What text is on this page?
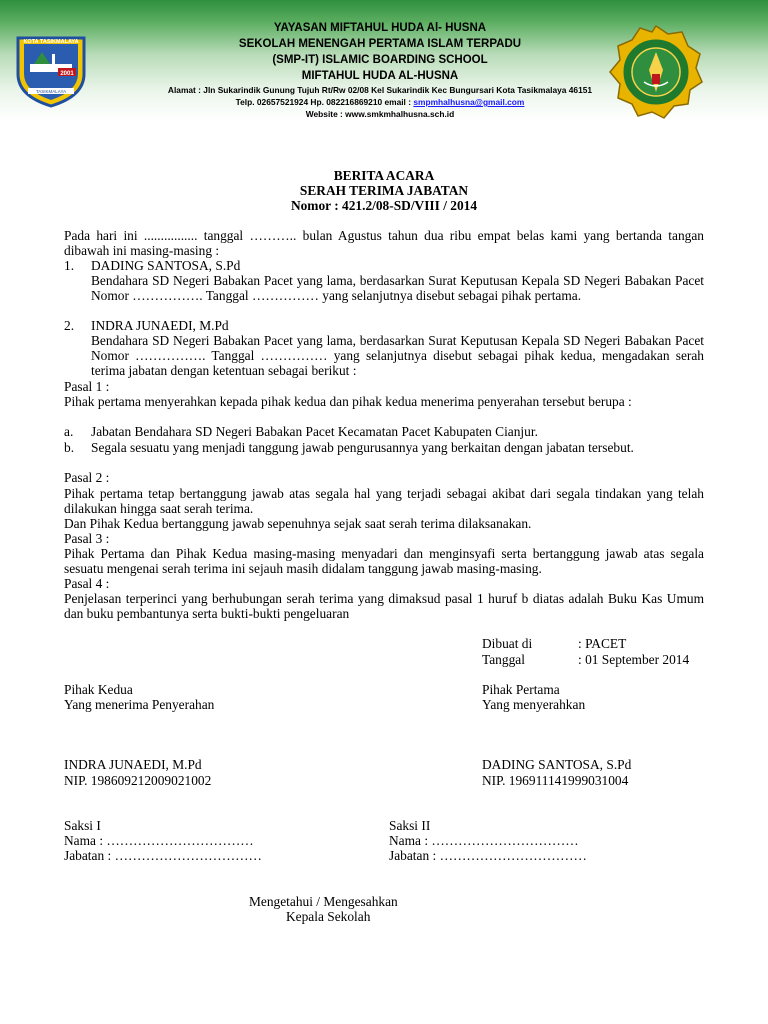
KOTA TASIKMALAYA
2001
TASIKMALAYA
YAYASAN MIFTAHUL HUDA Al- HUSNA
SEKOLAH MENENGAH PERTAMA ISLAM TERPADU
(SMP-IT) ISLAMIC BOARDING SCHOOL
MIFTAHUL HUDA AL-HUSNA
Alamat : Jln Sukarindik Gunung Tujuh Rt/Rw 02/08 Kel Sukarindik Kec Bungursari Kota Tasikmalaya 46151
Telp. 02657521924 Hp. 082216869210 email : smpmhalhusna@gmail.com
Website : www.smkmhalhusna.sch.id
BERITA ACARA
SERAH TERIMA JABATAN
Nomor : 421.2/08-SD/VIII / 2014
Pada hari ini ................ tanggal ……….. bulan Agustus tahun dua ribu empat belas kami yang bertanda tangan dibawah ini masing-masing :
1. DADING SANTOSA, S.Pd
Bendahara SD Negeri Babakan Pacet yang lama, berdasarkan Surat Keputusan Kepala SD Negeri Babakan Pacet Nomor ……………. Tanggal …………… yang selanjutnya disebut sebagai pihak pertama.
2. INDRA JUNAEDI, M.Pd
Bendahara SD Negeri Babakan Pacet yang lama, berdasarkan Surat Keputusan Kepala SD Negeri Babakan Pacet Nomor ……………. Tanggal …………… yang selanjutnya disebut sebagai pihak kedua, mengadakan serah terima jabatan dengan ketentuan sebagai berikut :
Pasal 1 :
Pihak pertama menyerahkan kepada pihak kedua dan pihak kedua menerima penyerahan tersebut berupa :
a. Jabatan Bendahara SD Negeri Babakan Pacet Kecamatan Pacet Kabupaten Cianjur.
b. Segala sesuatu yang menjadi tanggung jawab pengurusannya yang berkaitan dengan jabatan tersebut.
Pasal 2 :
Pihak pertama tetap bertanggung jawab atas segala hal yang terjadi sebagai akibat dari segala tindakan yang telah dilakukan hingga saat serah terima.
Dan Pihak Kedua bertanggung jawab sepenuhnya sejak saat serah terima dilaksanakan.
Pasal 3 :
Pihak Pertama dan Pihak Kedua masing-masing menyadari dan menginsyafi serta bertanggung jawab atas segala sesuatu mengenai serah terima ini sejauh masih didalam tanggung jawab masing-masing.
Pasal 4 :
Penjelasan terperinci yang berhubungan serah terima yang dimaksud pasal 1 huruf b diatas adalah Buku Kas Umum dan buku pembantunya serta bukti-bukti pengeluaran
Dibuat di	: PACET
Tanggal	: 01 September 2014
Pihak Kedua
Yang menerima Penyerahan
Pihak Pertama
Yang menyerahkan
INDRA JUNAEDI, M.Pd
NIP. 198609212009021002
DADING SANTOSA, S.Pd
NIP. 196911141999031004
Saksi I
Nama : ……………………………
Jabatan : ……………………………
Saksi II
Nama : ……………………………
Jabatan : ……………………………
Mengetahui / Mengesahkan
Kepala Sekolah
